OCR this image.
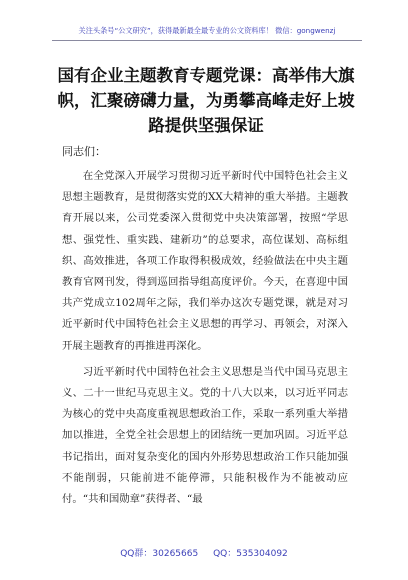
关注头条号“公文研究”，获得最新最全最专业的公文资料库！ 微信：gongwenzj
国有企业主题教育专题党课：高举伟大旗帜，汇聚磅礴力量，为勇攀高峰走好上坡路提供坚强保证
同志们：

在全党深入开展学习贯彻习近平新时代中国特色社会主义思想主题教育，是贯彻落实党的XX大精神的重大举措。主题教育开展以来，公司党委深入贯彻党中央决策部署，按照“学思想、强党性、重实践、建新功”的总要求，高位谋划、高标组织、高效推进，各项工作取得积极成效，经验做法在中央主题教育官网刊发，得到巡回指导组高度评价。今天，在喜迎中国共产党成立102周年之际，我们举办这次专题党课，就是对习近平新时代中国特色社会主义思想的再学习、再领会，对深入开展主题教育的再推进再深化。

习近平新时代中国特色社会主义思想是当代中国马克思主义、二十一世纪马克思主义。党的十八大以来，以习近平同志为核心的党中央高度重视思想政治工作，采取一系列重大举措加以推进，全党全社会思想上的团结统一更加巩固。习近平总书记指出，面对复杂变化的国内外形势思想政治工作只能加强不能削弱，只能前进不能停滞，只能积极作为不能被动应付。“共和国勋章”获得者、“最

QQ群：30265665 QQ：535304092
